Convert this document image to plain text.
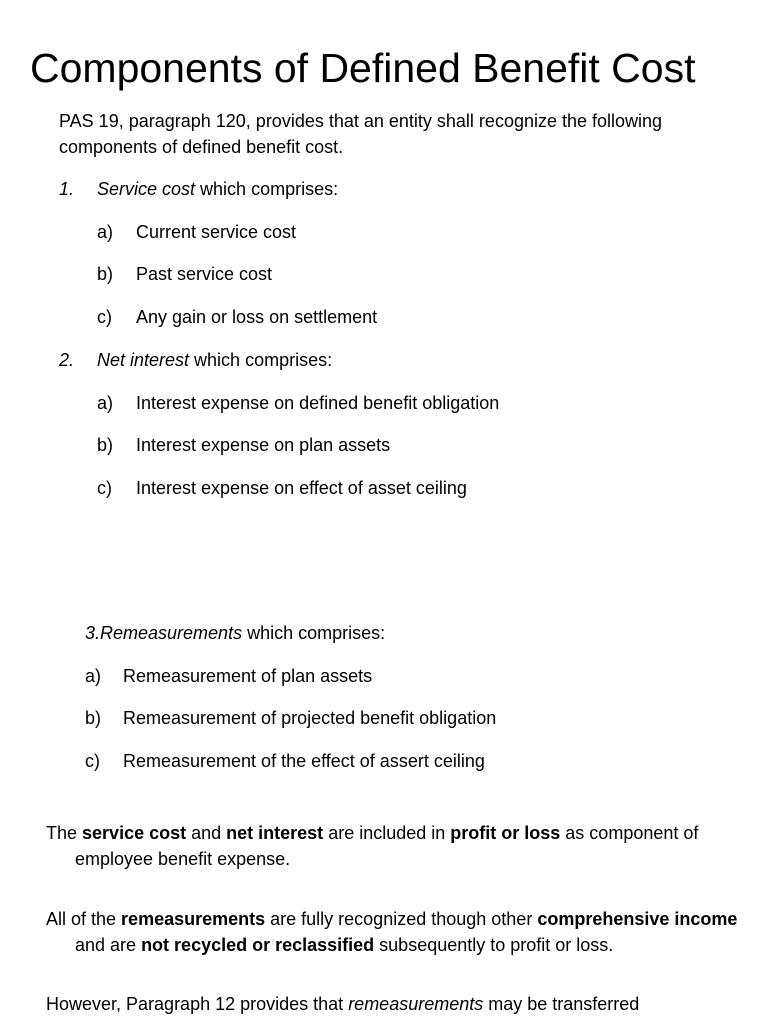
Components of Defined Benefit Cost
PAS 19, paragraph 120, provides that an entity shall recognize the following components of defined benefit cost.
1. Service cost which comprises:
a) Current service cost
b) Past service cost
c) Any gain or loss on settlement
2. Net interest which comprises:
a) Interest expense on defined benefit obligation
b) Interest expense on plan assets
c) Interest expense on effect of asset ceiling
3.Remeasurements which comprises:
a) Remeasurement of plan assets
b) Remeasurement of projected benefit obligation
c) Remeasurement of the effect of assert ceiling
The service cost and net interest are included in profit or loss as component of employee benefit expense.
All of the remeasurements are fully recognized though other comprehensive income and are not recycled or reclassified subsequently to profit or loss.
However, Paragraph 12 provides that remeasurements may be transferred
